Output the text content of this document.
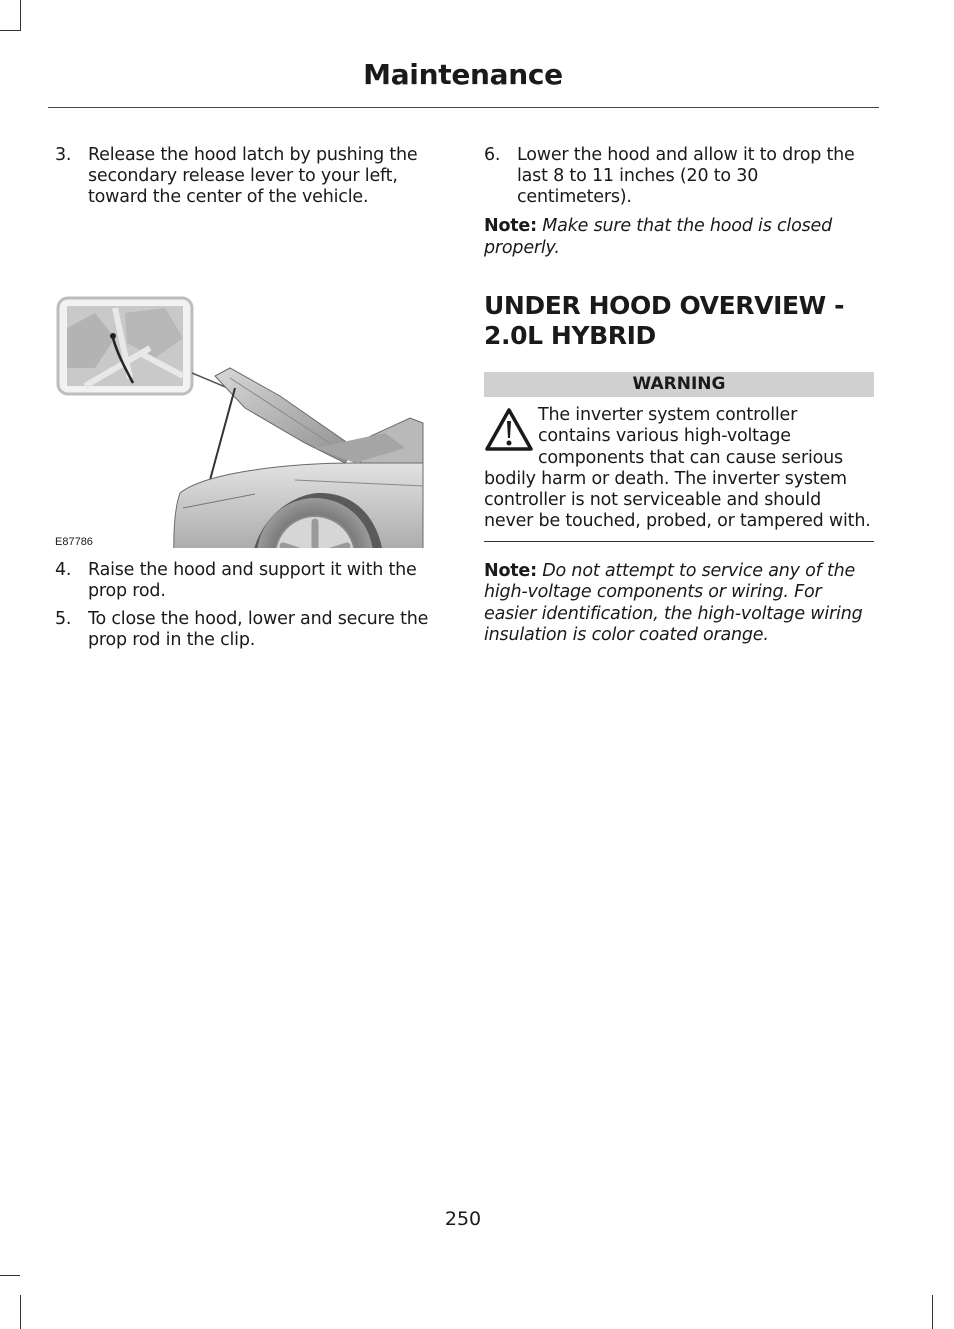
Maintenance
3. Release the hood latch by pushing the secondary release lever to your left, toward the center of the vehicle.
E87786
4. Raise the hood and support it with the prop rod.
5. To close the hood, lower and secure the prop rod in the clip.
6. Lower the hood and allow it to drop the last 8 to 11 inches (20 to 30 centimeters).
Note: Make sure that the hood is closed properly.
UNDER HOOD OVERVIEW - 2.0L HYBRID
WARNING
The inverter system controller contains various high-voltage components that can cause serious bodily harm or death. The inverter system controller is not serviceable and should never be touched, probed, or tampered with.
Note: Do not attempt to service any of the high-voltage components or wiring. For easier identification, the high-voltage wiring insulation is color coated orange.
250
